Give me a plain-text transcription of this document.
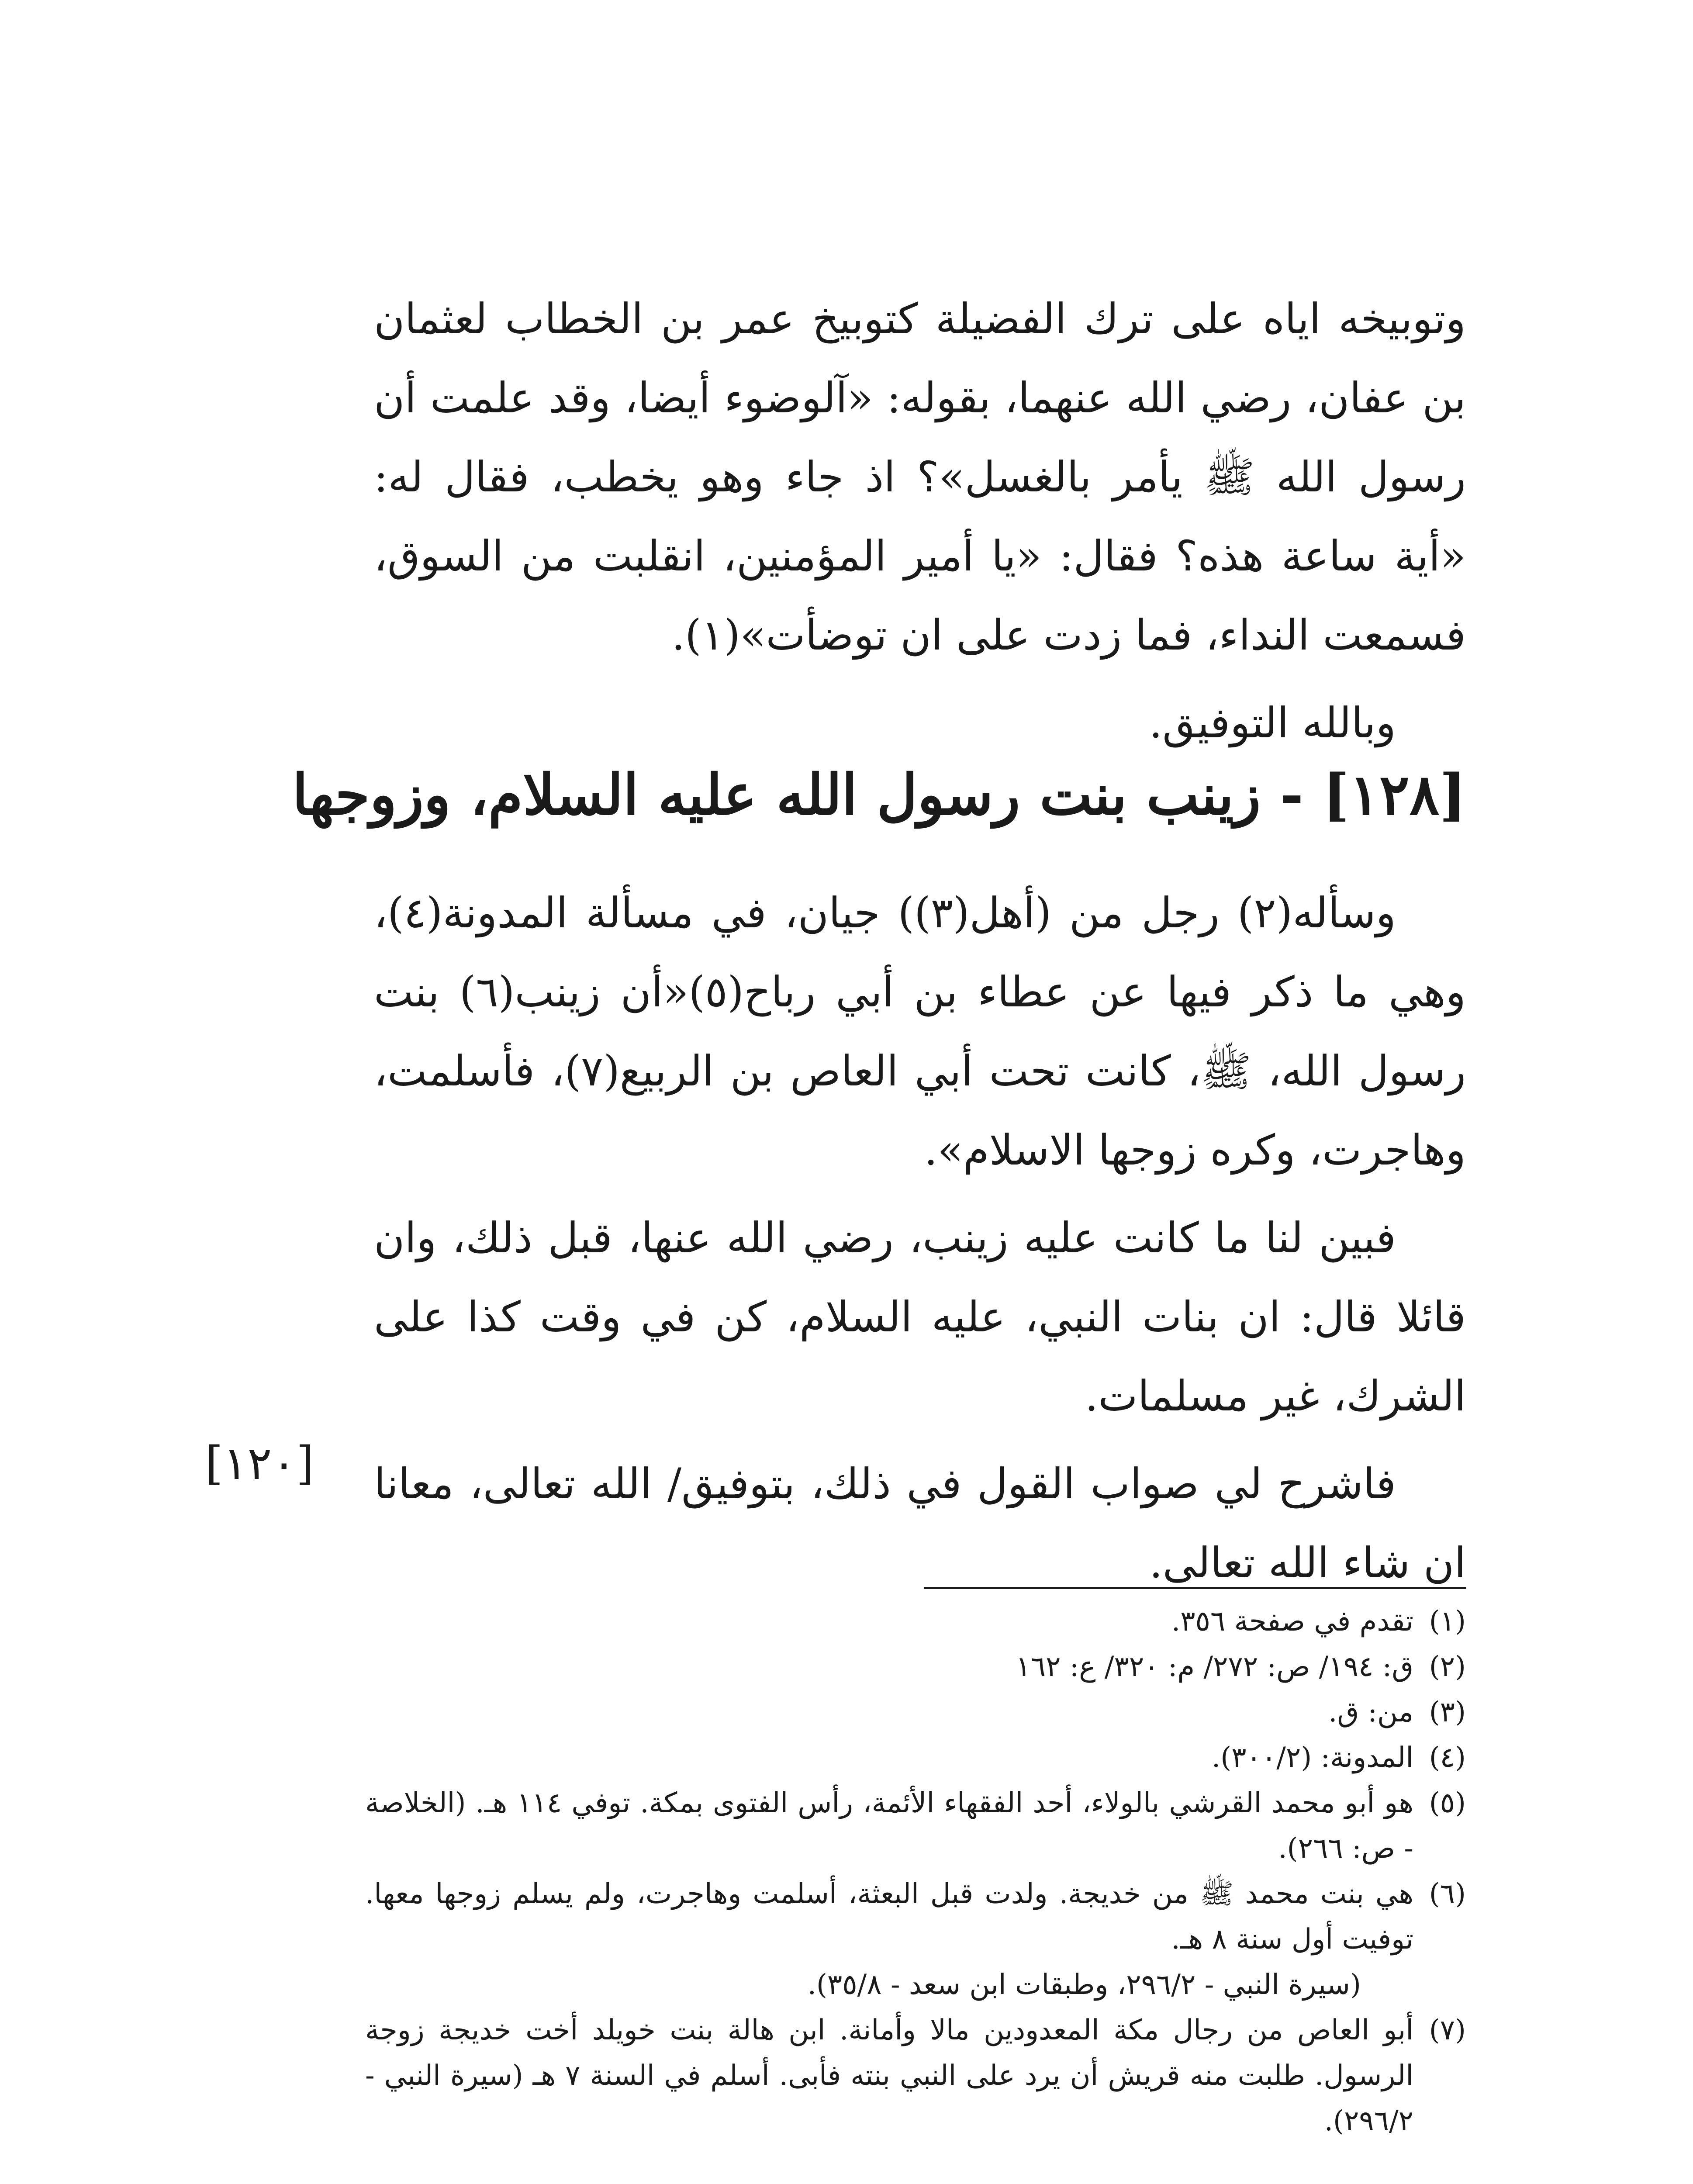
وتوبيخه اياه على ترك الفضيلة كتوبيخ عمر بن الخطاب لعثمان بن عفان، رضي الله عنهما، بقوله: «آلوضوء أيضا، وقد علمت أن رسول الله ﷺ يأمر بالغسل»؟ اذ جاء وهو يخطب، فقال له: «أية ساعة هذه؟ فقال: «يا أمير المؤمنين، انقلبت من السوق، فسمعت النداء، فما زدت على ان توضأت»(١).

وبالله التوفيق.

[١٢٨] - زينب بنت رسول الله عليه السلام، وزوجها

وسأله(٢) رجل من (أهل(٣)) جيان، في مسألة المدونة(٤)، وهي ما ذكر فيها عن عطاء بن أبي رباح(٥)«أن زينب(٦) بنت رسول الله، ﷺ، كانت تحت أبي العاص بن الربيع(٧)، فأسلمت، وهاجرت، وكره زوجها الاسلام».

فبين لنا ما كانت عليه زينب، رضي الله عنها، قبل ذلك، وان قائلا قال: ان بنات النبي، عليه السلام، كن في وقت كذا على الشرك، غير مسلمات.

فاشرح لي صواب القول في ذلك، بتوفيق/ الله تعالى، معانا ان شاء الله تعالى.

[١٢٠]
(١)
تقدم في صفحة ٣٥٦.
(٢)
ق: ١٩٤/ ص: ٢٧٢/ م: ٣٢٠/ ع: ١٦٢
(٣)
من: ق.
(٤)
المدونة: (٣٠٠/٢).
(٥)
هو أبو محمد القرشي بالولاء، أحد الفقهاء الأئمة، رأس الفتوى بمكة. توفي ١١٤ هـ. (الخلاصة - ص: ٢٦٦).
(٦)
هي بنت محمد ﷺ من خديجة. ولدت قبل البعثة، أسلمت وهاجرت، ولم يسلم زوجها معها. توفيت أول سنة ٨ هـ.

(سيرة النبي - ٢٩٦/٢، وطبقات ابن سعد - ٣٥/٨).

(٧)
أبو العاص من رجال مكة المعدودين مالا وأمانة. ابن هالة بنت خويلد أخت خديجة زوجة الرسول. طلبت منه قريش أن يرد على النبي بنته فأبى. أسلم في السنة ٧ هـ (سيرة النبي - ٢٩٦/٢).
